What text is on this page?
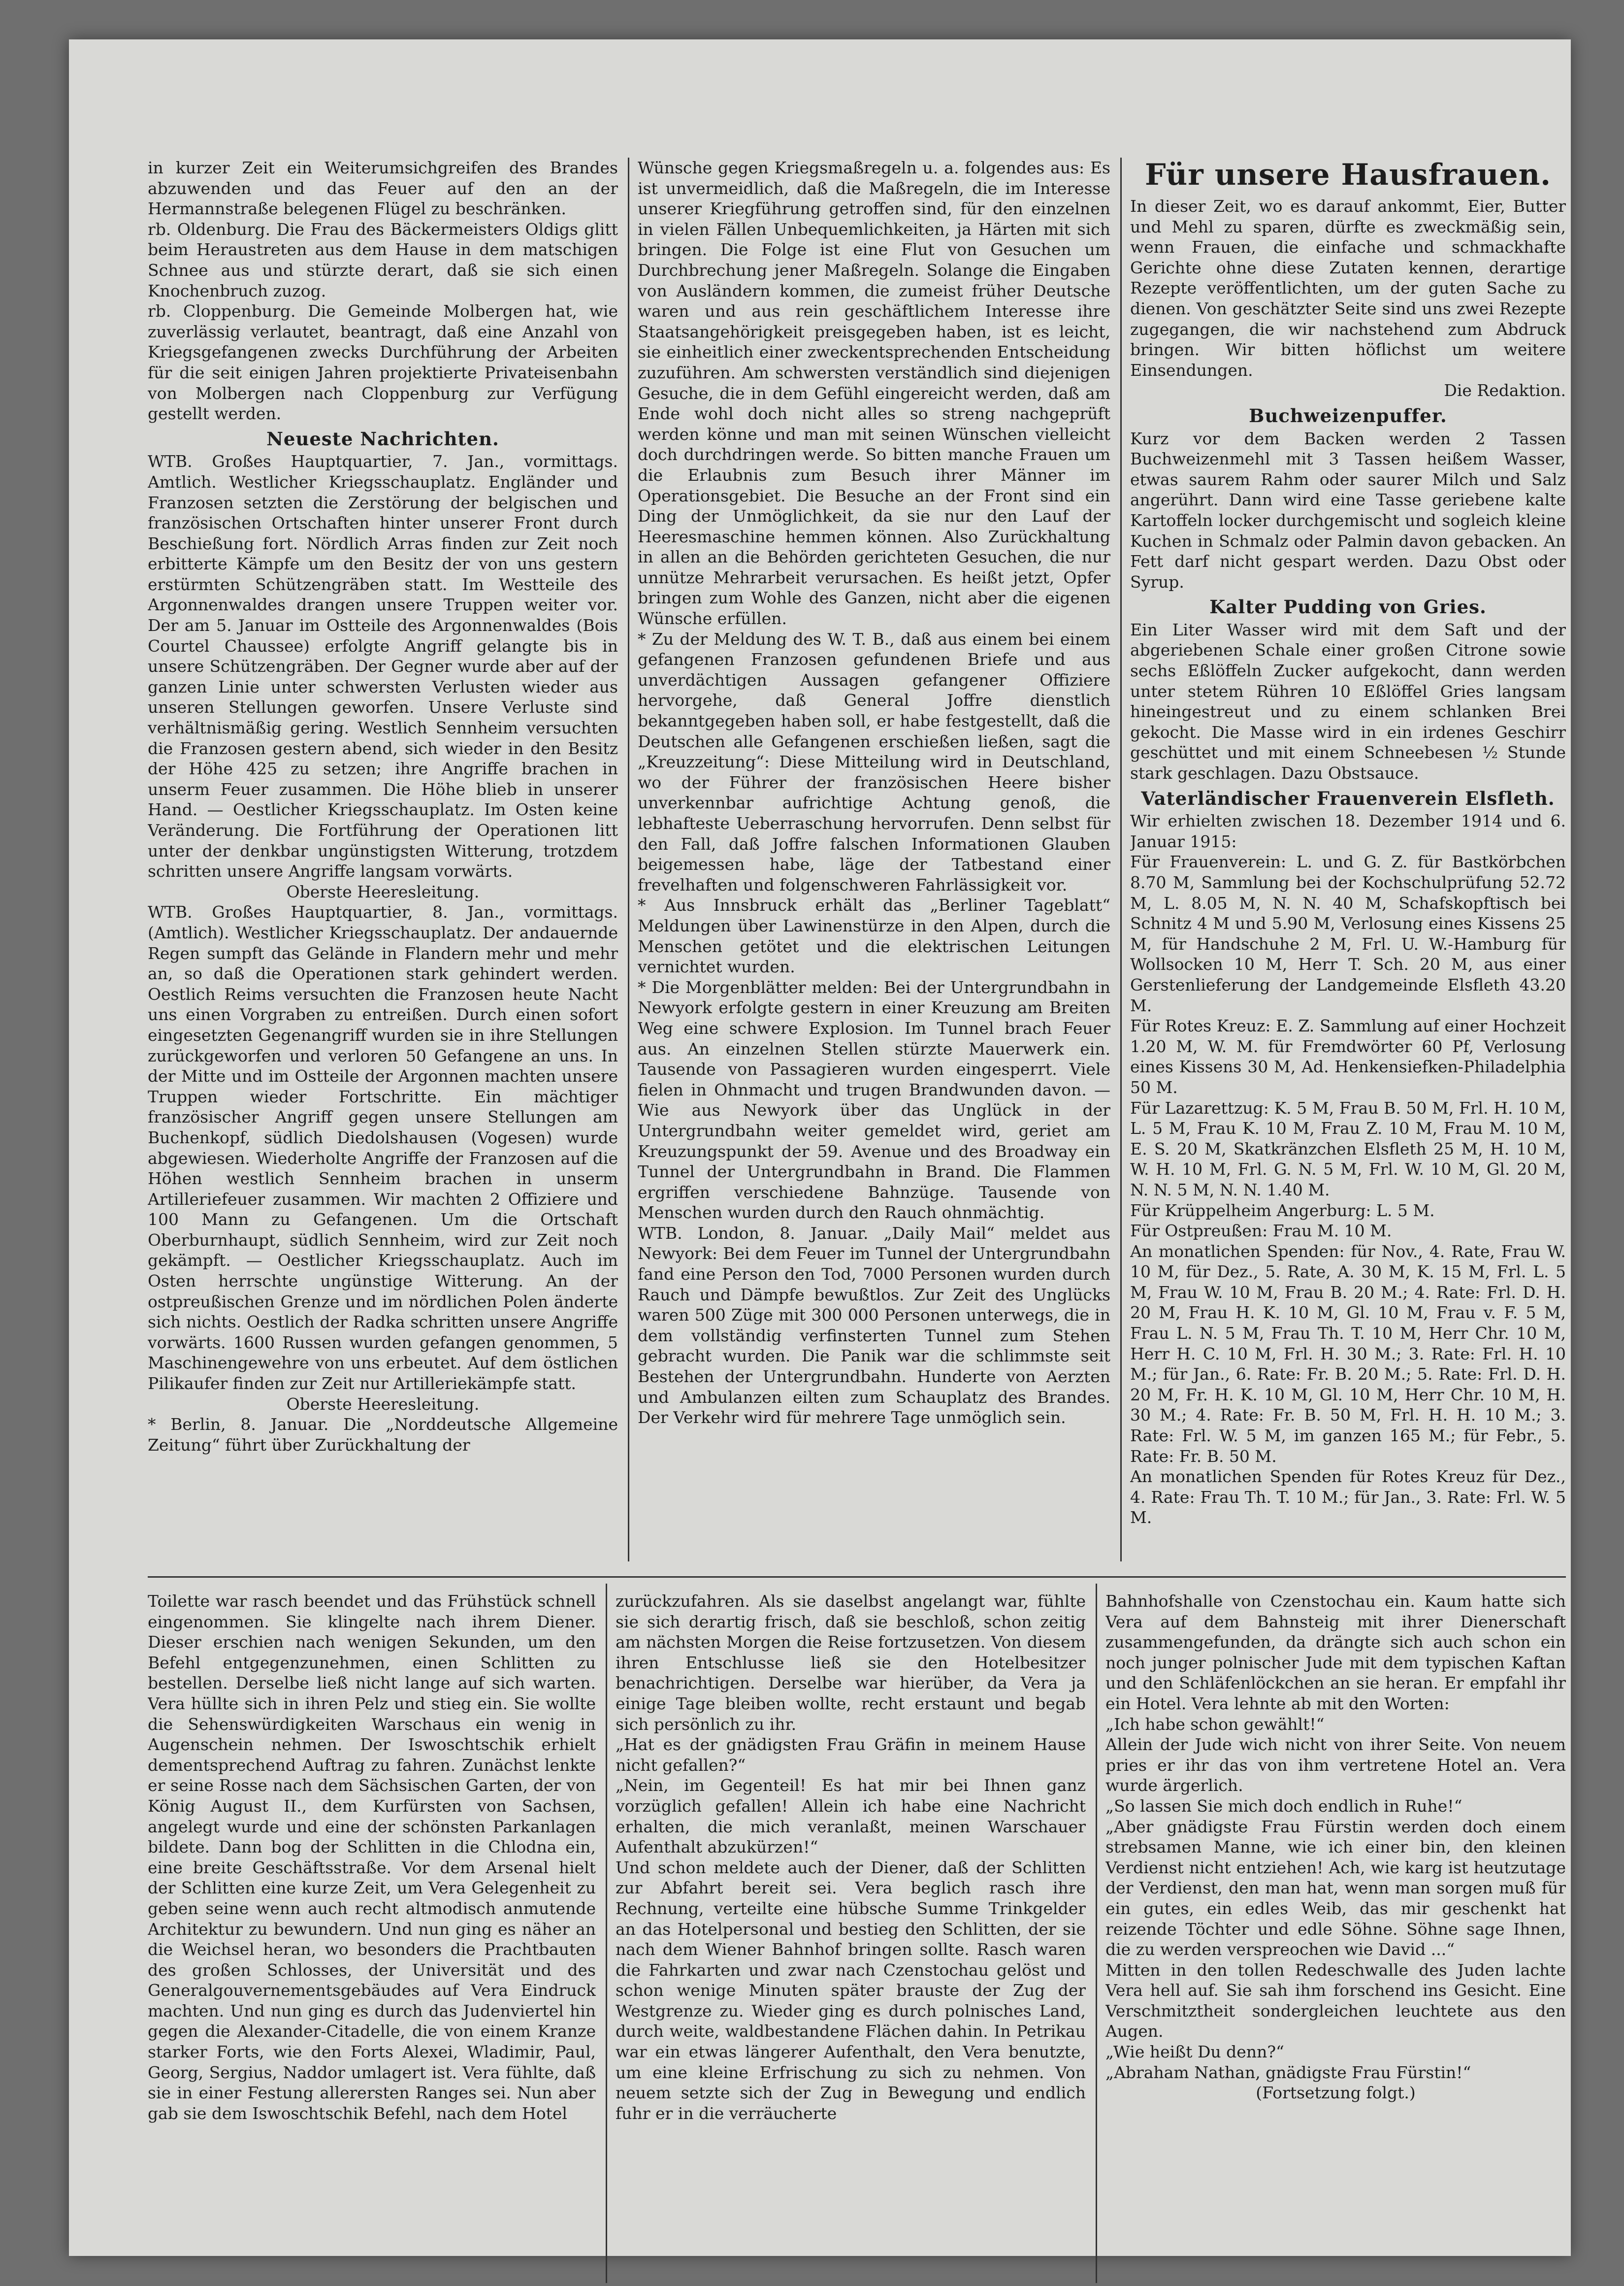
in kurzer Zeit ein Weiterumsichgreifen des Brandes abzuwenden und das Feuer auf den an der Hermannstraße belegenen Flügel zu beschränken.

rb. Oldenburg. Die Frau des Bäckermeisters Oldigs glitt beim Heraustreten aus dem Hause in dem matschigen Schnee aus und stürzte derart, daß sie sich einen Knochenbruch zuzog.

rb. Cloppenburg. Die Gemeinde Molbergen hat, wie zuverlässig verlautet, beantragt, daß eine Anzahl von Kriegsgefangenen zwecks Durchführung der Arbeiten für die seit einigen Jahren projektierte Privateisenbahn von Molbergen nach Cloppenburg zur Verfügung gestellt werden.

Neueste Nachrichten.

WTB. Großes Hauptquartier, 7. Jan., vormittags. Amtlich. Westlicher Kriegsschauplatz. Engländer und Franzosen setzten die Zerstörung der belgischen und französischen Ortschaften hinter unserer Front durch Beschießung fort. Nördlich Arras finden zur Zeit noch erbitterte Kämpfe um den Besitz der von uns gestern erstürmten Schützengräben statt. Im Westteile des Argonnenwaldes drangen unsere Truppen weiter vor. Der am 5. Januar im Ostteile des Argonnenwaldes (Bois Courtel Chaussee) erfolgte Angriff gelangte bis in unsere Schützengräben. Der Gegner wurde aber auf der ganzen Linie unter schwersten Verlusten wieder aus unseren Stellungen geworfen. Unsere Verluste sind verhältnismäßig gering. Westlich Sennheim versuchten die Franzosen gestern abend, sich wieder in den Besitz der Höhe 425 zu setzen; ihre Angriffe brachen in unserm Feuer zusammen. Die Höhe blieb in unserer Hand. — Oestlicher Kriegsschauplatz. Im Osten keine Veränderung. Die Fortführung der Operationen litt unter der denkbar ungünstigsten Witterung, trotzdem schritten unsere Angriffe langsam vorwärts.

Oberste Heeresleitung.

WTB. Großes Hauptquartier, 8. Jan., vormittags. (Amtlich). Westlicher Kriegsschauplatz. Der andauernde Regen sumpft das Gelände in Flandern mehr und mehr an, so daß die Operationen stark gehindert werden. Oestlich Reims versuchten die Franzosen heute Nacht uns einen Vorgraben zu entreißen. Durch einen sofort eingesetzten Gegenangriff wurden sie in ihre Stellungen zurückgeworfen und verloren 50 Gefangene an uns. In der Mitte und im Ostteile der Argonnen machten unsere Truppen wieder Fortschritte. Ein mächtiger französischer Angriff gegen unsere Stellungen am Buchenkopf, südlich Diedolshausen (Vogesen) wurde abgewiesen. Wiederholte Angriffe der Franzosen auf die Höhen westlich Sennheim brachen in unserm Artilleriefeuer zusammen. Wir machten 2 Offiziere und 100 Mann zu Gefangenen. Um die Ortschaft Oberburnhaupt, südlich Sennheim, wird zur Zeit noch gekämpft. — Oestlicher Kriegsschauplatz. Auch im Osten herrschte ungünstige Witterung. An der ostpreußischen Grenze und im nördlichen Polen änderte sich nichts. Oestlich der Radka schritten unsere Angriffe vorwärts. 1600 Russen wurden gefangen genommen, 5 Maschinengewehre von uns erbeutet. Auf dem östlichen Pilikaufer finden zur Zeit nur Artilleriekämpfe statt.

Oberste Heeresleitung.

* Berlin, 8. Januar. Die „Norddeutsche Allgemeine Zeitung“ führt über Zurückhaltung der

Wünsche gegen Kriegsmaßregeln u. a. folgendes aus: Es ist unvermeidlich, daß die Maßregeln, die im Interesse unserer Kriegführung getroffen sind, für den einzelnen in vielen Fällen Unbequemlichkeiten, ja Härten mit sich bringen. Die Folge ist eine Flut von Gesuchen um Durchbrechung jener Maßregeln. Solange die Eingaben von Ausländern kommen, die zumeist früher Deutsche waren und aus rein geschäftlichem Interesse ihre Staatsangehörigkeit preisgegeben haben, ist es leicht, sie einheitlich einer zweckentsprechenden Entscheidung zuzuführen. Am schwersten verständlich sind diejenigen Gesuche, die in dem Gefühl eingereicht werden, daß am Ende wohl doch nicht alles so streng nachgeprüft werden könne und man mit seinen Wünschen vielleicht doch durchdringen werde. So bitten manche Frauen um die Erlaubnis zum Besuch ihrer Männer im Operationsgebiet. Die Besuche an der Front sind ein Ding der Unmöglichkeit, da sie nur den Lauf der Heeresmaschine hemmen können. Also Zurückhaltung in allen an die Behörden gerichteten Gesuchen, die nur unnütze Mehrarbeit verursachen. Es heißt jetzt, Opfer bringen zum Wohle des Ganzen, nicht aber die eigenen Wünsche erfüllen.

* Zu der Meldung des W. T. B., daß aus einem bei einem gefangenen Franzosen gefundenen Briefe und aus unverdächtigen Aussagen gefangener Offiziere hervorgehe, daß General Joffre dienstlich bekanntgegeben haben soll, er habe festgestellt, daß die Deutschen alle Gefangenen erschießen ließen, sagt die „Kreuzzeitung“: Diese Mitteilung wird in Deutschland, wo der Führer der französischen Heere bisher unverkennbar aufrichtige Achtung genoß, die lebhafteste Ueberraschung hervorrufen. Denn selbst für den Fall, daß Joffre falschen Informationen Glauben beigemessen habe, läge der Tatbestand einer frevelhaften und folgenschweren Fahrlässigkeit vor.

* Aus Innsbruck erhält das „Berliner Tageblatt“ Meldungen über Lawinenstürze in den Alpen, durch die Menschen getötet und die elektrischen Leitungen vernichtet wurden.

* Die Morgenblätter melden: Bei der Untergrundbahn in Newyork erfolgte gestern in einer Kreuzung am Breiten Weg eine schwere Explosion. Im Tunnel brach Feuer aus. An einzelnen Stellen stürzte Mauerwerk ein. Tausende von Passagieren wurden eingesperrt. Viele fielen in Ohnmacht und trugen Brandwunden davon. — Wie aus Newyork über das Unglück in der Untergrundbahn weiter gemeldet wird, geriet am Kreuzungspunkt der 59. Avenue und des Broadway ein Tunnel der Untergrundbahn in Brand. Die Flammen ergriffen verschiedene Bahnzüge. Tausende von Menschen wurden durch den Rauch ohnmächtig.

WTB. London, 8. Januar. „Daily Mail“ meldet aus Newyork: Bei dem Feuer im Tunnel der Untergrundbahn fand eine Person den Tod, 7000 Personen wurden durch Rauch und Dämpfe bewußtlos. Zur Zeit des Unglücks waren 500 Züge mit 300 000 Personen unterwegs, die in dem vollständig verfinsterten Tunnel zum Stehen gebracht wurden. Die Panik war die schlimmste seit Bestehen der Untergrundbahn. Hunderte von Aerzten und Ambulanzen eilten zum Schauplatz des Brandes. Der Verkehr wird für mehrere Tage unmöglich sein.

Für unsere Hausfrauen.

In dieser Zeit, wo es darauf ankommt, Eier, Butter und Mehl zu sparen, dürfte es zweckmäßig sein, wenn Frauen, die einfache und schmackhafte Gerichte ohne diese Zutaten kennen, derartige Rezepte veröffentlichten, um der guten Sache zu dienen. Von geschätzter Seite sind uns zwei Rezepte zugegangen, die wir nachstehend zum Abdruck bringen. Wir bitten höflichst um weitere Einsendungen.

Die Redaktion.

Buchweizenpuffer.

Kurz vor dem Backen werden 2 Tassen Buchweizenmehl mit 3 Tassen heißem Wasser, etwas saurem Rahm oder saurer Milch und Salz angerührt. Dann wird eine Tasse geriebene kalte Kartoffeln locker durchgemischt und sogleich kleine Kuchen in Schmalz oder Palmin davon gebacken. An Fett darf nicht gespart werden. Dazu Obst oder Syrup.

Kalter Pudding von Gries.

Ein Liter Wasser wird mit dem Saft und der abgeriebenen Schale einer großen Citrone sowie sechs Eßlöffeln Zucker aufgekocht, dann werden unter stetem Rühren 10 Eßlöffel Gries langsam hineingestreut und zu einem schlanken Brei gekocht. Die Masse wird in ein irdenes Geschirr geschüttet und mit einem Schneebesen ½ Stunde stark geschlagen. Dazu Obstsauce.

Vaterländischer Frauenverein Elsfleth.

Wir erhielten zwischen 18. Dezember 1914 und 6. Januar 1915:

Für Frauenverein: L. und G. Z. für Bastkörbchen 8.70 M, Sammlung bei der Kochschulprüfung 52.72 M, L. 8.05 M, N. N. 40 M, Schafskopftisch bei Schnitz 4 M und 5.90 M, Verlosung eines Kissens 25 M, für Handschuhe 2 M, Frl. U. W.-Hamburg für Wollsocken 10 M, Herr T. Sch. 20 M, aus einer Gerstenlieferung der Landgemeinde Elsfleth 43.20 M.

Für Rotes Kreuz: E. Z. Sammlung auf einer Hochzeit 1.20 M, W. M. für Fremdwörter 60 Pf, Verlosung eines Kissens 30 M, Ad. Henkensiefken-Philadelphia 50 M.

Für Lazarettzug: K. 5 M, Frau B. 50 M, Frl. H. 10 M, L. 5 M, Frau K. 10 M, Frau Z. 10 M, Frau M. 10 M, E. S. 20 M, Skatkränzchen Elsfleth 25 M, H. 10 M, W. H. 10 M, Frl. G. N. 5 M, Frl. W. 10 M, Gl. 20 M, N. N. 5 M, N. N. 1.40 M.

Für Krüppelheim Angerburg: L. 5 M.

Für Ostpreußen: Frau M. 10 M.

An monatlichen Spenden: für Nov., 4. Rate, Frau W. 10 M, für Dez., 5. Rate, A. 30 M, K. 15 M, Frl. L. 5 M, Frau W. 10 M, Frau B. 20 M.; 4. Rate: Frl. D. H. 20 M, Frau H. K. 10 M, Gl. 10 M, Frau v. F. 5 M, Frau L. N. 5 M, Frau Th. T. 10 M, Herr Chr. 10 M, Herr H. C. 10 M, Frl. H. 30 M.; 3. Rate: Frl. H. 10 M.; für Jan., 6. Rate: Fr. B. 20 M.; 5. Rate: Frl. D. H. 20 M, Fr. H. K. 10 M, Gl. 10 M, Herr Chr. 10 M, H. 30 M.; 4. Rate: Fr. B. 50 M, Frl. H. H. 10 M.; 3. Rate: Frl. W. 5 M, im ganzen 165 M.; für Febr., 5. Rate: Fr. B. 50 M.

An monatlichen Spenden für Rotes Kreuz für Dez., 4. Rate: Frau Th. T. 10 M.; für Jan., 3. Rate: Frl. W. 5 M.

Toilette war rasch beendet und das Frühstück schnell eingenommen. Sie klingelte nach ihrem Diener. Dieser erschien nach wenigen Sekunden, um den Befehl entgegenzunehmen, einen Schlitten zu bestellen. Derselbe ließ nicht lange auf sich warten. Vera hüllte sich in ihren Pelz und stieg ein. Sie wollte die Sehenswürdigkeiten Warschaus ein wenig in Augenschein nehmen. Der Iswoschtschik erhielt dementsprechend Auftrag zu fahren. Zunächst lenkte er seine Rosse nach dem Sächsischen Garten, der von König August II., dem Kurfürsten von Sachsen, angelegt wurde und eine der schönsten Parkanlagen bildete. Dann bog der Schlitten in die Chlodna ein, eine breite Geschäftsstraße. Vor dem Arsenal hielt der Schlitten eine kurze Zeit, um Vera Gelegenheit zu geben seine wenn auch recht altmodisch anmutende Architektur zu bewundern. Und nun ging es näher an die Weichsel heran, wo besonders die Prachtbauten des großen Schlosses, der Universität und des Generalgouvernementsgebäudes auf Vera Eindruck machten. Und nun ging es durch das Judenviertel hin gegen die Alexander-Citadelle, die von einem Kranze starker Forts, wie den Forts Alexei, Wladimir, Paul, Georg, Sergius, Naddor umlagert ist. Vera fühlte, daß sie in einer Festung allerersten Ranges sei. Nun aber gab sie dem Iswoschtschik Befehl, nach dem Hotel

zurückzufahren. Als sie daselbst angelangt war, fühlte sie sich derartig frisch, daß sie beschloß, schon zeitig am nächsten Morgen die Reise fortzusetzen. Von diesem ihren Entschlusse ließ sie den Hotelbesitzer benachrichtigen. Derselbe war hierüber, da Vera ja einige Tage bleiben wollte, recht erstaunt und begab sich persönlich zu ihr.

„Hat es der gnädigsten Frau Gräfin in meinem Hause nicht gefallen?“

„Nein, im Gegenteil! Es hat mir bei Ihnen ganz vorzüglich gefallen! Allein ich habe eine Nachricht erhalten, die mich veranlaßt, meinen Warschauer Aufenthalt abzukürzen!“

Und schon meldete auch der Diener, daß der Schlitten zur Abfahrt bereit sei. Vera beglich rasch ihre Rechnung, verteilte eine hübsche Summe Trinkgelder an das Hotelpersonal und bestieg den Schlitten, der sie nach dem Wiener Bahnhof bringen sollte. Rasch waren die Fahrkarten und zwar nach Czenstochau gelöst und schon wenige Minuten später brauste der Zug der Westgrenze zu. Wieder ging es durch polnisches Land, durch weite, waldbestandene Flächen dahin. In Petrikau war ein etwas längerer Aufenthalt, den Vera benutzte, um eine kleine Erfrischung zu sich zu nehmen. Von neuem setzte sich der Zug in Bewegung und endlich fuhr er in die verräucherte

Bahnhofshalle von Czenstochau ein. Kaum hatte sich Vera auf dem Bahnsteig mit ihrer Dienerschaft zusammengefunden, da drängte sich auch schon ein noch junger polnischer Jude mit dem typischen Kaftan und den Schläfenlöckchen an sie heran. Er empfahl ihr ein Hotel. Vera lehnte ab mit den Worten:

„Ich habe schon gewählt!“

Allein der Jude wich nicht von ihrer Seite. Von neuem pries er ihr das von ihm vertretene Hotel an. Vera wurde ärgerlich.

„So lassen Sie mich doch endlich in Ruhe!“

„Aber gnädigste Frau Fürstin werden doch einem strebsamen Manne, wie ich einer bin, den kleinen Verdienst nicht entziehen! Ach, wie karg ist heutzutage der Verdienst, den man hat, wenn man sorgen muß für ein gutes, ein edles Weib, das mir geschenkt hat reizende Töchter und edle Söhne. Söhne sage Ihnen, die zu werden verspreochen wie David ...“

Mitten in den tollen Redeschwalle des Juden lachte Vera hell auf. Sie sah ihm forschend ins Gesicht. Eine Verschmitztheit sondergleichen leuchtete aus den Augen.

„Wie heißt Du denn?“

„Abraham Nathan, gnädigste Frau Fürstin!“

(Fortsetzung folgt.)
